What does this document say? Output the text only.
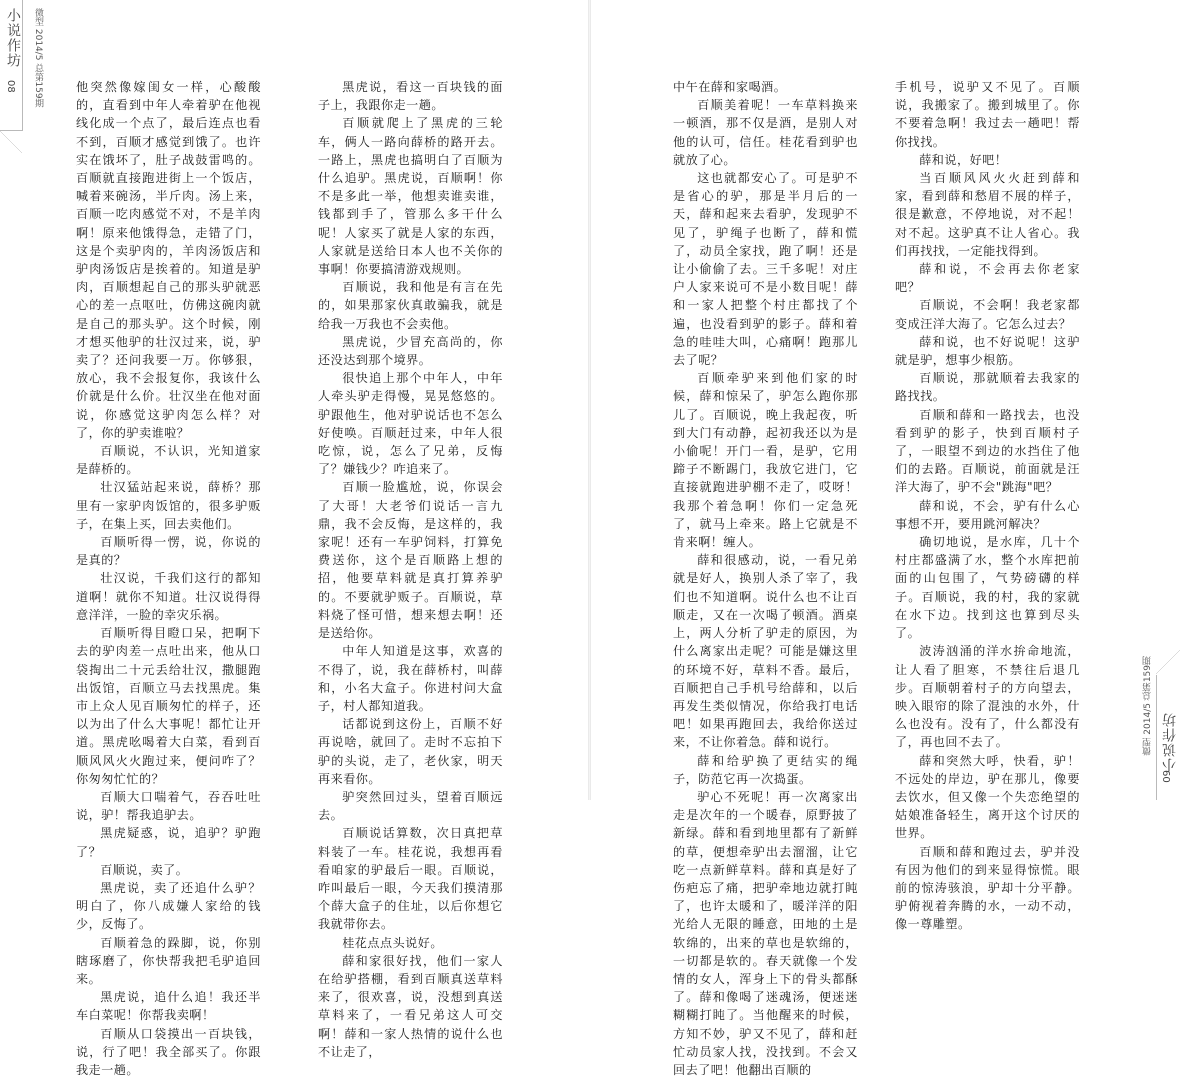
小说作坊 微型 2014/5 总第159期
08	他突然像嫁闺女一样，心酸酸的，直看到中年人牵着驴在他视线化成一个点了，最后连点也看不到，百顺才感觉到饿了。也许实在饿坏了，肚子战鼓雷鸣的。百顺就直接跑进街上一个饭店，喊着来碗汤，半斤肉。汤上来，百顺一吃肉感觉不对，不是羊肉啊！原来他饿得急，走错了门，这是个卖驴肉的，羊肉汤饭店和驴肉汤饭店是挨着的。知道是驴肉，百顺想起自己的那头驴就恶心的差一点呕吐，仿佛这碗肉就是自己的那头驴。这个时候，刚才想买他驴的壮汉过来，说，驴卖了？还问我要一万。你够狠，放心，我不会报复你，我该什么价就是什么价。壮汉坐在他对面说，你感觉这驴肉怎么样？对了，你的驴卖谁啦？

百顺说，不认识，光知道家是薛桥的。

壮汉猛站起来说，薛桥？那里有一家驴肉饭馆的，很多驴贩子，在集上买，回去卖他们。

百顺听得一愣，说，你说的是真的？

壮汉说，千我们这行的都知道啊！就你不知道。壮汉说得得意洋洋，一脸的幸灾乐祸。

百顺听得目瞪口呆，把啊下去的驴肉差一点吐出来，他从口袋掏出二十元丢给壮汉，撒腿跑出饭馆，百顺立马去找黑虎。集市上众人见百顺匆忙的样子，还以为出了什么大事呢！都忙让开道。黑虎吆喝着大白菜，看到百顺风风火火跑过来，便问咋了？你匆匆忙忙的？

百顺大口喘着气，吞吞吐吐说，驴！帮我追驴去。

黑虎疑惑，说，追驴？驴跑了？

百顺说，卖了。

黑虎说，卖了还追什么驴？明白了，你八成嫌人家给的钱少，反悔了。

百顺着急的跺脚，说，你别瞎琢磨了，你快帮我把毛驴追回来。

黑虎说，追什么追！我还半车白菜呢！你帮我卖啊！

百顺从口袋摸出一百块钱，说，行了吧！我全部买了。你跟我走一趟。

黑虎说，看这一百块钱的面子上，我跟你走一趟。

百顺就爬上了黑虎的三轮车，俩人一路向薛桥的路开去。一路上，黑虎也搞明白了百顺为什么追驴。黑虎说，百顺啊！你不是多此一举，他想卖谁卖谁，钱都到手了，管那么多干什么呢！人家买了就是人家的东西，人家就是送给日本人也不关你的事啊！你要搞清游戏规则。

百顺说，我和他是有言在先的，如果那家伙真敢骗我，就是给我一万我也不会卖他。

黑虎说，少冒充高尚的，你还没达到那个境界。

很快追上那个中年人，中年人牵头驴走得慢，晃晃悠悠的。驴跟他生，他对驴说话也不怎么好使唤。百顺赶过来，中年人很吃惊，说，怎么了兄弟，反悔了？嫌钱少？咋追来了。

百顺一脸尴尬，说，你误会了大哥！大老爷们说话一言九鼎，我不会反悔，是这样的，我家呢！还有一车驴饲料，打算免费送你，这个是百顺路上想的招，他要草料就是真打算养驴的。不要就驴贩子。百顺说，草料烧了怪可惜，想来想去啊！还是送给你。

中年人知道是这事，欢喜的不得了，说，我在薛桥村，叫薛和，小名大盒子。你进村问大盒子，村人都知道我。

话都说到这份上，百顺不好再说啥，就回了。走时不忘拍下驴的头说，走了，老伙家，明天再来看你。

驴突然回过头，望着百顺远去。

百顺说话算数，次日真把草料装了一车。桂花说，我想再看看咱家的驴最后一眼。百顺说，咋叫最后一眼，今天我们摸清那个薛大盒子的住址，以后你想它我就带你去。

桂花点点头说好。

薛和家很好找，他们一家人在给驴搭棚，看到百顺真送草料来了，很欢喜，说，没想到真送草料来了，一看兄弟这人可交啊！薛和一家人热情的说什么也不让走了，

中午在薛和家喝酒。

百顺美着呢！一车草料换来一顿酒，那不仅是酒，是别人对他的认可，信任。桂花看到驴也就放了心。

这也就都安心了。可是驴不是省心的驴，那是半月后的一天，薛和起来去看驴，发现驴不见了，驴绳子也断了，薛和慌了，动员全家找，跑了啊！还是让小偷偷了去。三千多呢！对庄户人家来说可不是小数目呢！薛和一家人把整个村庄都找了个遍，也没看到驴的影子。薛和着急的哇哇大叫，心痛啊！跑那儿去了呢？

百顺牵驴来到他们家的时候，薛和惊呆了，驴怎么跑你那儿了。百顺说，晚上我起夜，听到大门有动静，起初我还以为是小偷呢！开门一看，是驴，它用蹄子不断踢门，我放它进门，它直接就跑进驴棚不走了，哎呀！我那个着急啊！你们一定急死了，就马上牵来。路上它就是不肯来啊！缠人。

薛和很感动，说，一看兄弟就是好人，换别人杀了宰了，我们也不知道啊。说什么也不让百顺走，又在一次喝了顿酒。酒桌上，两人分析了驴走的原因，为什么离家出走呢？可能是嫌这里的环境不好，草料不香。最后，百顺把自己手机号给薛和，以后再发生类似情况，你给我打电话吧！如果再跑回去，我给你送过来，不让你着急。薛和说行。

薛和给驴换了更结实的绳子，防范它再一次捣蛋。

驴心不死呢！再一次离家出走是次年的一个暖春，原野披了新绿。薛和看到地里都有了新鲜的草，便想牵驴出去溜溜，让它吃一点新鲜草料。薛和真是好了伤疤忘了痛，把驴牵地边就打盹了，也许太暖和了，暖洋洋的阳光给人无限的睡意，田地的土是软绵的，出来的草也是软绵的，一切都是软的。春天就像一个发情的女人，浑身上下的骨头都酥了。薛和像喝了迷魂汤，便迷迷糊糊打盹了。当他醒来的时候，方知不妙，驴又不见了，薛和赶忙动员家人找，没找到。不会又回去了吧！他翻出百顺的

手机号，说驴又不见了。百顺说，我搬家了。搬到城里了。你不要着急啊！我过去一趟吧！帮你找找。

薛和说，好吧！

当百顺风风火火赶到薛和家，看到薛和愁眉不展的样子，很是歉意，不停地说，对不起！对不起。这驴真不让人省心。我们再找找，一定能找得到。

薛和说，不会再去你老家吧？

百顺说，不会啊！我老家都变成汪洋大海了。它怎么过去？

薛和说，也不好说呢！这驴就是驴，想事少根筋。

百顺说，那就顺着去我家的路找找。

百顺和薛和一路找去，也没看到驴的影子，快到百顺村子了，一眼望不到边的水挡住了他们的去路。百顺说，前面就是汪洋大海了，驴不会"跳海"吧？

薛和说，不会，驴有什么心事想不开，要用跳河解决？

确切地说，是水库，几十个村庄都盛满了水，整个水库把前面的山包围了，气势磅礴的样子。百顺说，我的村，我的家就在水下边。找到这也算到尽头了。

波涛汹涌的洋水拚命地流，让人看了胆寒，不禁往后退几步。百顺朝着村子的方向望去，映入眼帘的除了混浊的水外，什么也没有。没有了，什么都没有了，再也回不去了。

薛和突然大呼，快看，驴！不远处的岸边，驴在那儿，像要去饮水，但又像一个失恋绝望的姑娘准备轻生，离开这个讨厌的世界。

百顺和薛和跑过去，驴并没有因为他们的到来显得惊慌。眼前的惊涛骇浪，驴却十分平静。驴俯视着奔腾的水，一动不动，像一尊雕塑。

微型 2014/5 总第159期 小说作坊
09
